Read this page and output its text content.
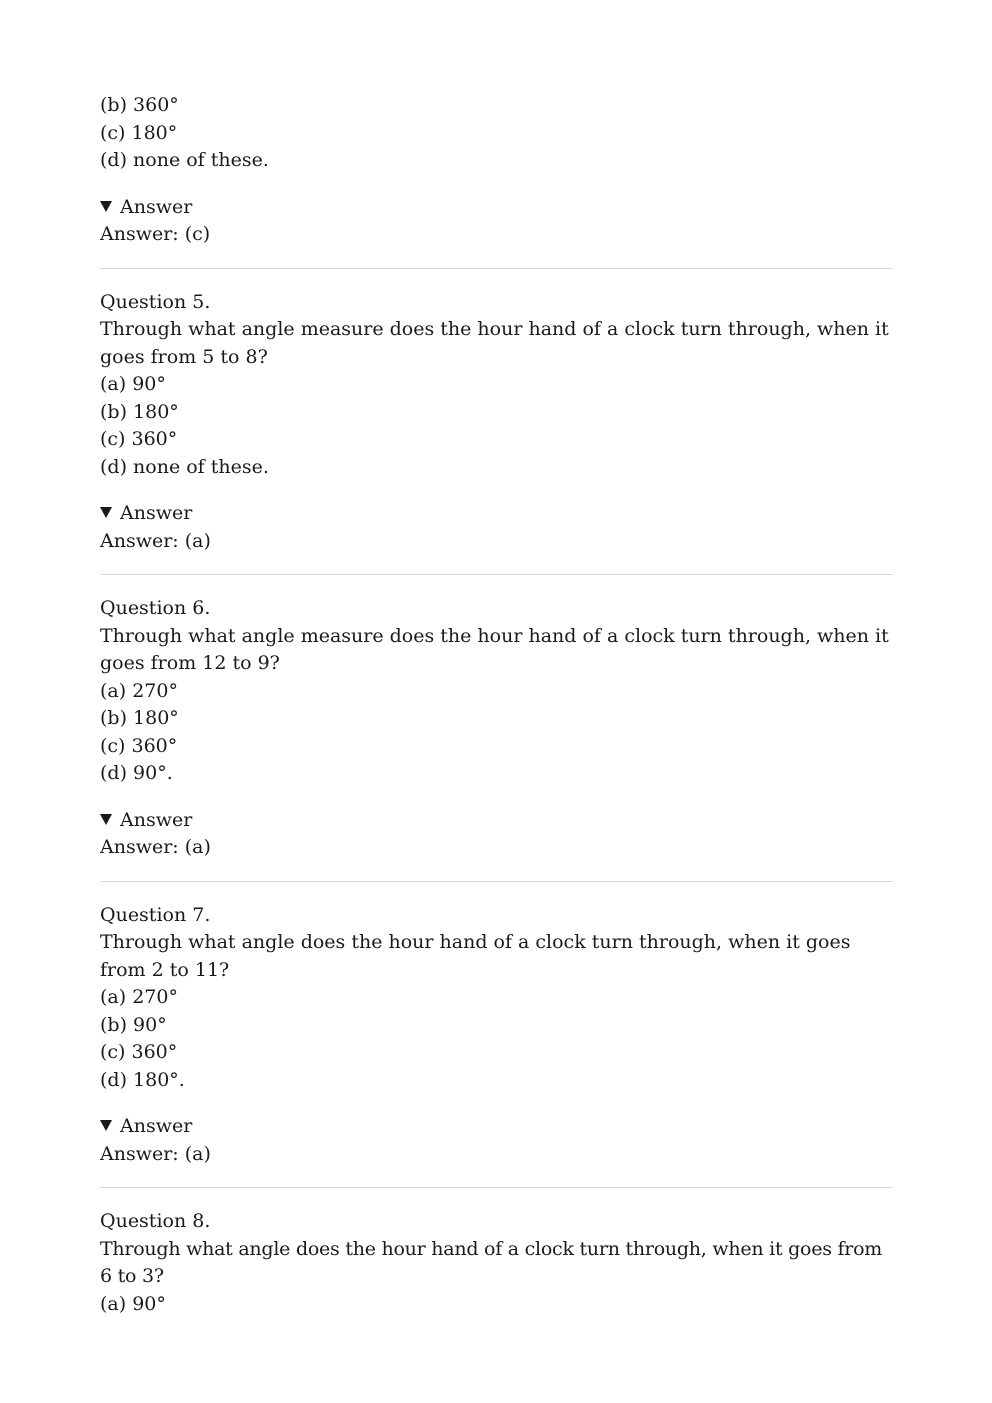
(b) 360°

(c) 180°

(d) none of these.

Answer

Answer: (c)

Question 5.

Through what angle measure does the hour hand of a clock turn through, when it goes from 5 to 8?

(a) 90°

(b) 180°

(c) 360°

(d) none of these.

Answer

Answer: (a)

Question 6.

Through what angle measure does the hour hand of a clock turn through, when it goes from 12 to 9?

(a) 270°

(b) 180°

(c) 360°

(d) 90°.

Answer

Answer: (a)

Question 7.

Through what angle does the hour hand of a clock turn through, when it goes from 2 to 11?

(a) 270°

(b) 90°

(c) 360°

(d) 180°.

Answer

Answer: (a)

Question 8.

Through what angle does the hour hand of a clock turn through, when it goes from 6 to 3?

(a) 90°
